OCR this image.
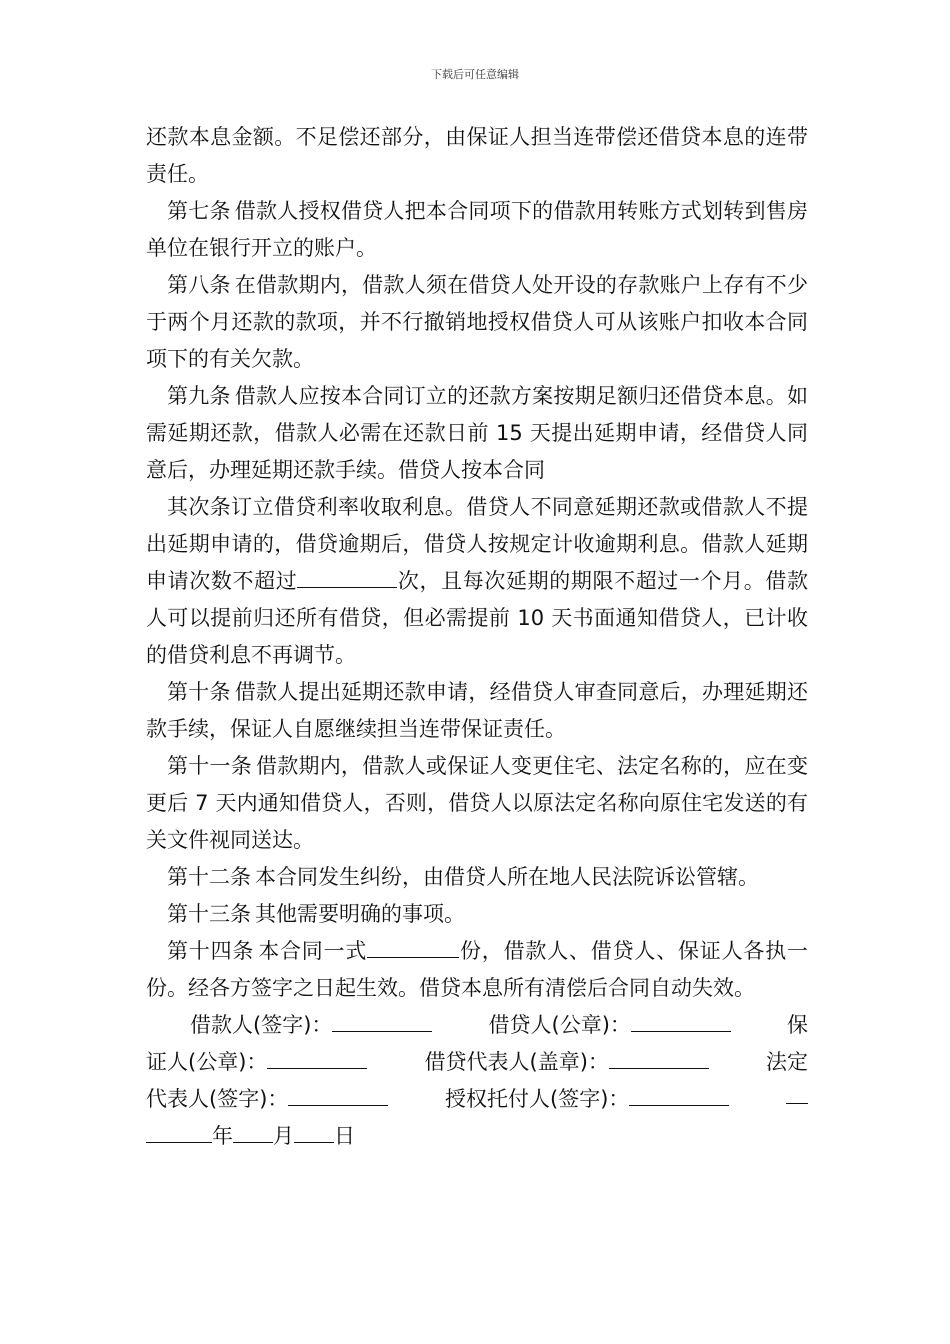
下载后可任意编辑

还款本息金额。不足偿还部分，由保证人担当连带偿还借贷本息的连带责任。

第七条 借款人授权借贷人把本合同项下的借款用转账方式划转到售房单位在银行开立的账户。

第八条 在借款期内，借款人须在借贷人处开设的存款账户上存有不少于两个月还款的款项，并不行撤销地授权借贷人可从该账户扣收本合同项下的有关欠款。

第九条 借款人应按本合同订立的还款方案按期足额归还借贷本息。如需延期还款，借款人必需在还款日前 15 天提出延期申请，经借贷人同意后，办理延期还款手续。借贷人按本合同

其次条订立借贷利率收取利息。借贷人不同意延期还款或借款人不提出延期申请的，借贷逾期后，借贷人按规定计收逾期利息。借款人延期申请次数不超过	次，且每次延期的期限不超过一个月。借款人可以提前归还所有借贷，但必需提前 10 天书面通知借贷人，已计收的借贷利息不再调节。

第十条 借款人提出延期还款申请，经借贷人审查同意后，办理延期还款手续，保证人自愿继续担当连带保证责任。

第十一条 借款期内，借款人或保证人变更住宅、法定名称的，应在变更后 7 天内通知借贷人，否则，借贷人以原法定名称向原住宅发送的有关文件视同送达。

第十二条 本合同发生纠纷，由借贷人所在地人民法院诉讼管辖。

第十三条 其他需要明确的事项。

第十四条 本合同一式	份，借款人、借贷人、保证人各执一份。经各方签字之日起生效。借贷本息所有清偿后合同自动失效。

借款人(签字)：	借贷人(公章)：	保
证人(公章)：	借贷代表人(盖章)：	法定
代表人(签字)：	授权托付人(签字)：
年 月 日
